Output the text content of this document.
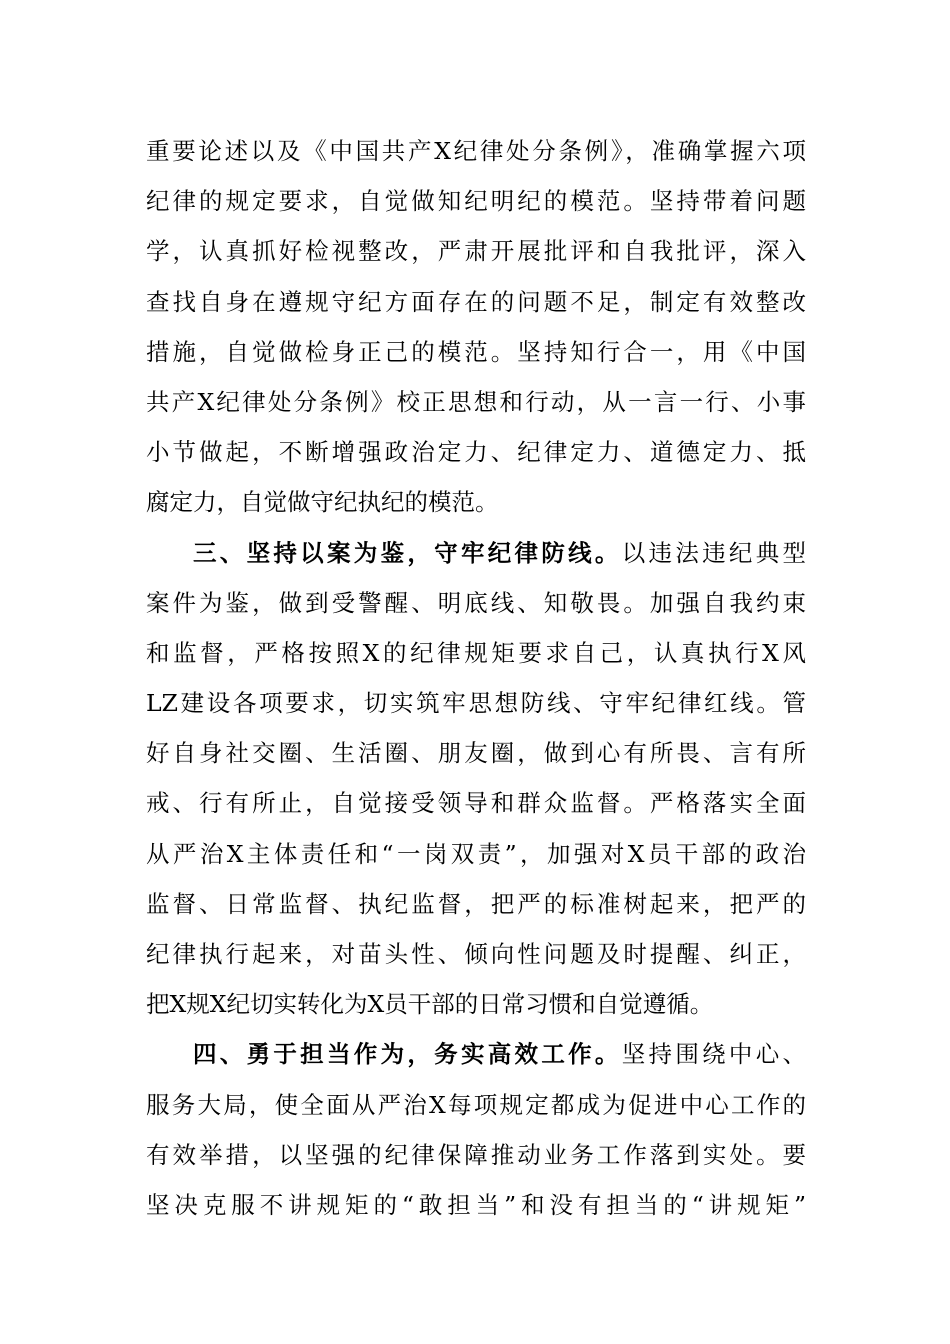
重要论述以及《中国共产X纪律处分条例》，准确掌握六项
纪律的规定要求，自觉做知纪明纪的模范。坚持带着问题
学，认真抓好检视整改，严肃开展批评和自我批评，深入
查找自身在遵规守纪方面存在的问题不足，制定有效整改
措施，自觉做检身正己的模范。坚持知行合一，用《中国
共产X纪律处分条例》校正思想和行动，从一言一行、小事
小节做起，不断增强政治定力、纪律定力、道德定力、抵
腐定力，自觉做守纪执纪的模范。
三、坚持以案为鉴，守牢纪律防线。以违法违纪典型
案件为鉴，做到受警醒、明底线、知敬畏。加强自我约束
和监督，严格按照X的纪律规矩要求自己，认真执行X风
LZ建设各项要求，切实筑牢思想防线、守牢纪律红线。管
好自身社交圈、生活圈、朋友圈，做到心有所畏、言有所
戒、行有所止，自觉接受领导和群众监督。严格落实全面
从严治X主体责任和“一岗双责”，加强对X员干部的政治
监督、日常监督、执纪监督，把严的标准树起来，把严的
纪律执行起来，对苗头性、倾向性问题及时提醒、纠正，
把X规X纪切实转化为X员干部的日常习惯和自觉遵循。
四、勇于担当作为，务实高效工作。坚持围绕中心、
服务大局，使全面从严治X每项规定都成为促进中心工作的
有效举措，以坚强的纪律保障推动业务工作落到实处。要
坚决克服不讲规矩的“敢担当”和没有担当的“讲规矩”
